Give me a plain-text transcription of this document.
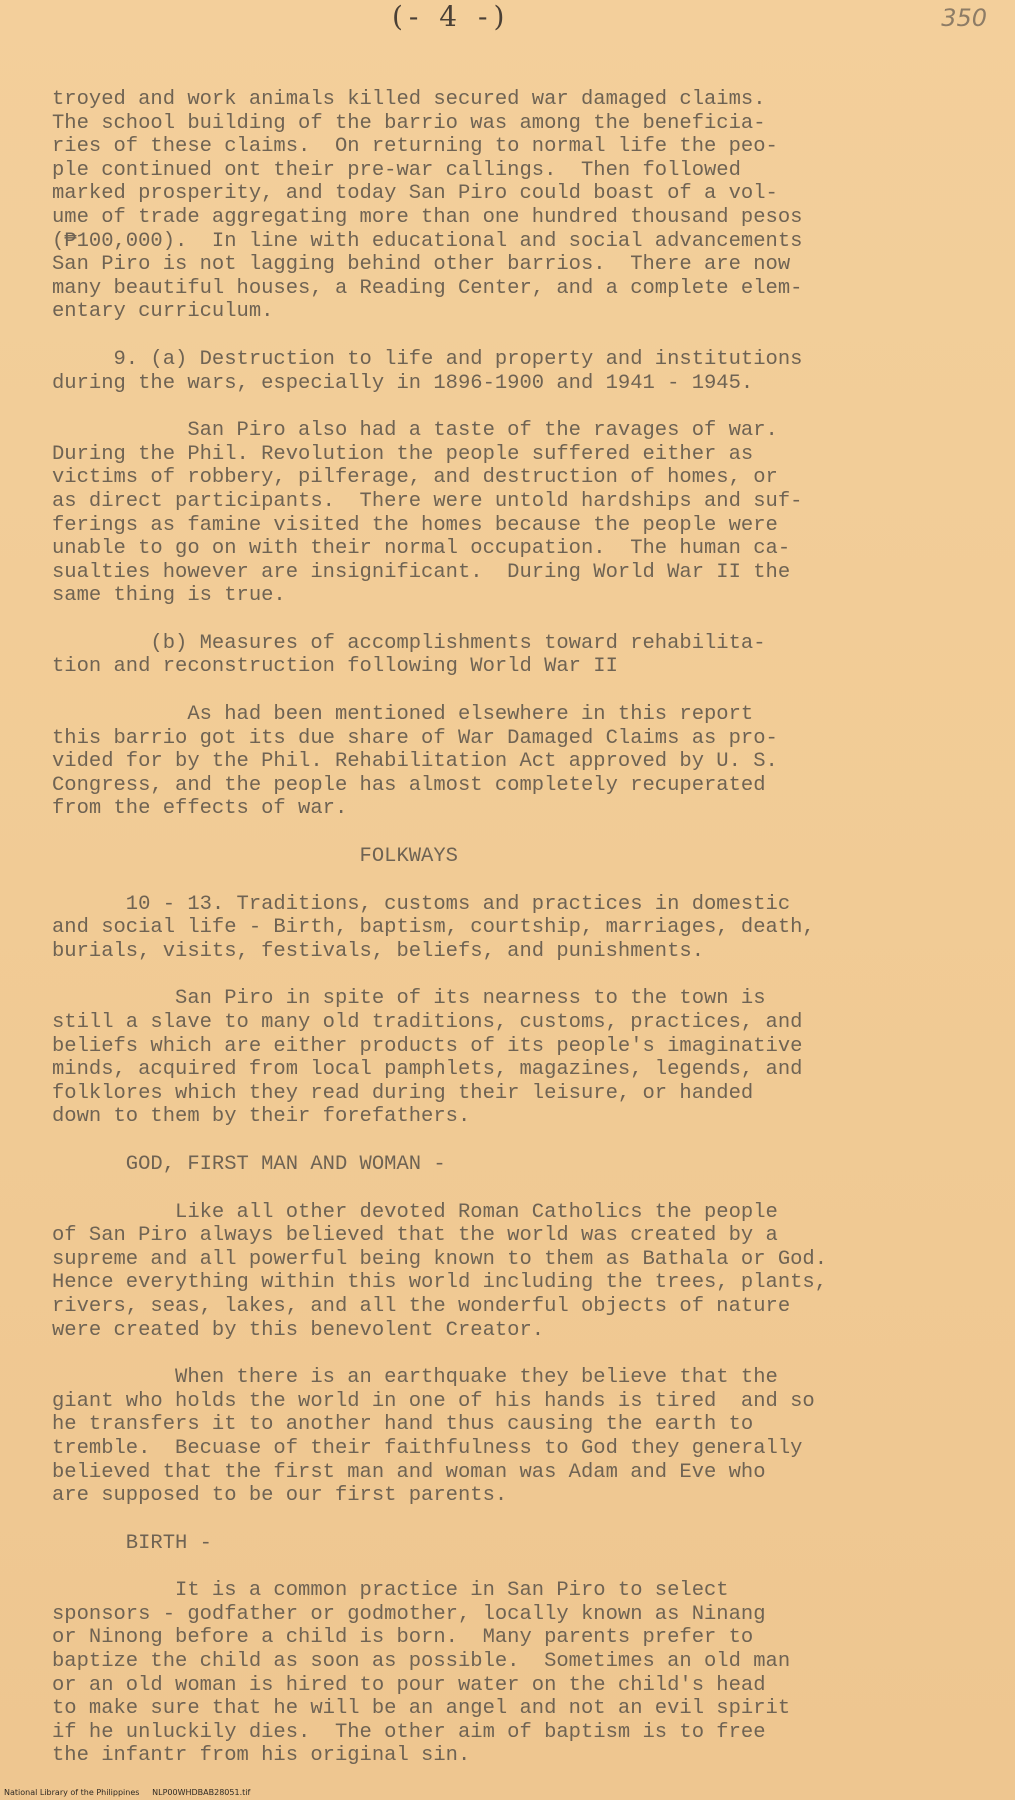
(- 4 -)	350
troyed and work animals killed secured war damaged claims.
The school building of the barrio was among the beneficia-
ries of these claims.  On returning to normal life the peo-
ple continued ont their pre-war callings.  Then followed
marked prosperity, and today San Piro could boast of a vol-
ume of trade aggregating more than one hundred thousand pesos
(₱100,000).  In line with educational and social advancements
San Piro is not lagging behind other barrios.  There are now
many beautiful houses, a Reading Center, and a complete elem-
entary curriculum.
9. (a) Destruction to life and property and institutions
during the wars, especially in 1896-1900 and 1941 - 1945.
San Piro also had a taste of the ravages of war.
During the Phil. Revolution the people suffered either as
victims of robbery, pilferage, and destruction of homes, or
as direct participants.  There were untold hardships and suf-
ferings as famine visited the homes because the people were
unable to go on with their normal occupation.  The human ca-
sualties however are insignificant.  During World War II the
same thing is true.
(b) Measures of accomplishments toward rehabilita-
tion and reconstruction following World War II
As had been mentioned elsewhere in this report
this barrio got its due share of War Damaged Claims as pro-
vided for by the Phil. Rehabilitation Act approved by U. S.
Congress, and the people has almost completely recuperated
from the effects of war.
FOLKWAYS
10 - 13. Traditions, customs and practices in domestic
and social life - Birth, baptism, courtship, marriages, death,
burials, visits, festivals, beliefs, and punishments.
San Piro in spite of its nearness to the town is
still a slave to many old traditions, customs, practices, and
beliefs which are either products of its people's imaginative
minds, acquired from local pamphlets, magazines, legends, and
folklores which they read during their leisure, or handed
down to them by their forefathers.
GOD, FIRST MAN AND WOMAN -
Like all other devoted Roman Catholics the people
of San Piro always believed that the world was created by a
supreme and all powerful being known to them as Bathala or God.
Hence everything within this world including the trees, plants,
rivers, seas, lakes, and all the wonderful objects of nature
were created by this benevolent Creator.
When there is an earthquake they believe that the
giant who holds the world in one of his hands is tired  and so
he transfers it to another hand thus causing the earth to
tremble.  Becuase of their faithfulness to God they generally
believed that the first man and woman was Adam and Eve who
are supposed to be our first parents.
BIRTH -
It is a common practice in San Piro to select
sponsors - godfather or godmother, locally known as Ninang
or Ninong before a child is born.  Many parents prefer to
baptize the child as soon as possible.  Sometimes an old man
or an old woman is hired to pour water on the child's head
to make sure that he will be an angel and not an evil spirit
if he unluckily dies.  The other aim of baptism is to free
the infantr from his original sin.
National Library of the Philippines     NLP00WHDBAB28051.tif
